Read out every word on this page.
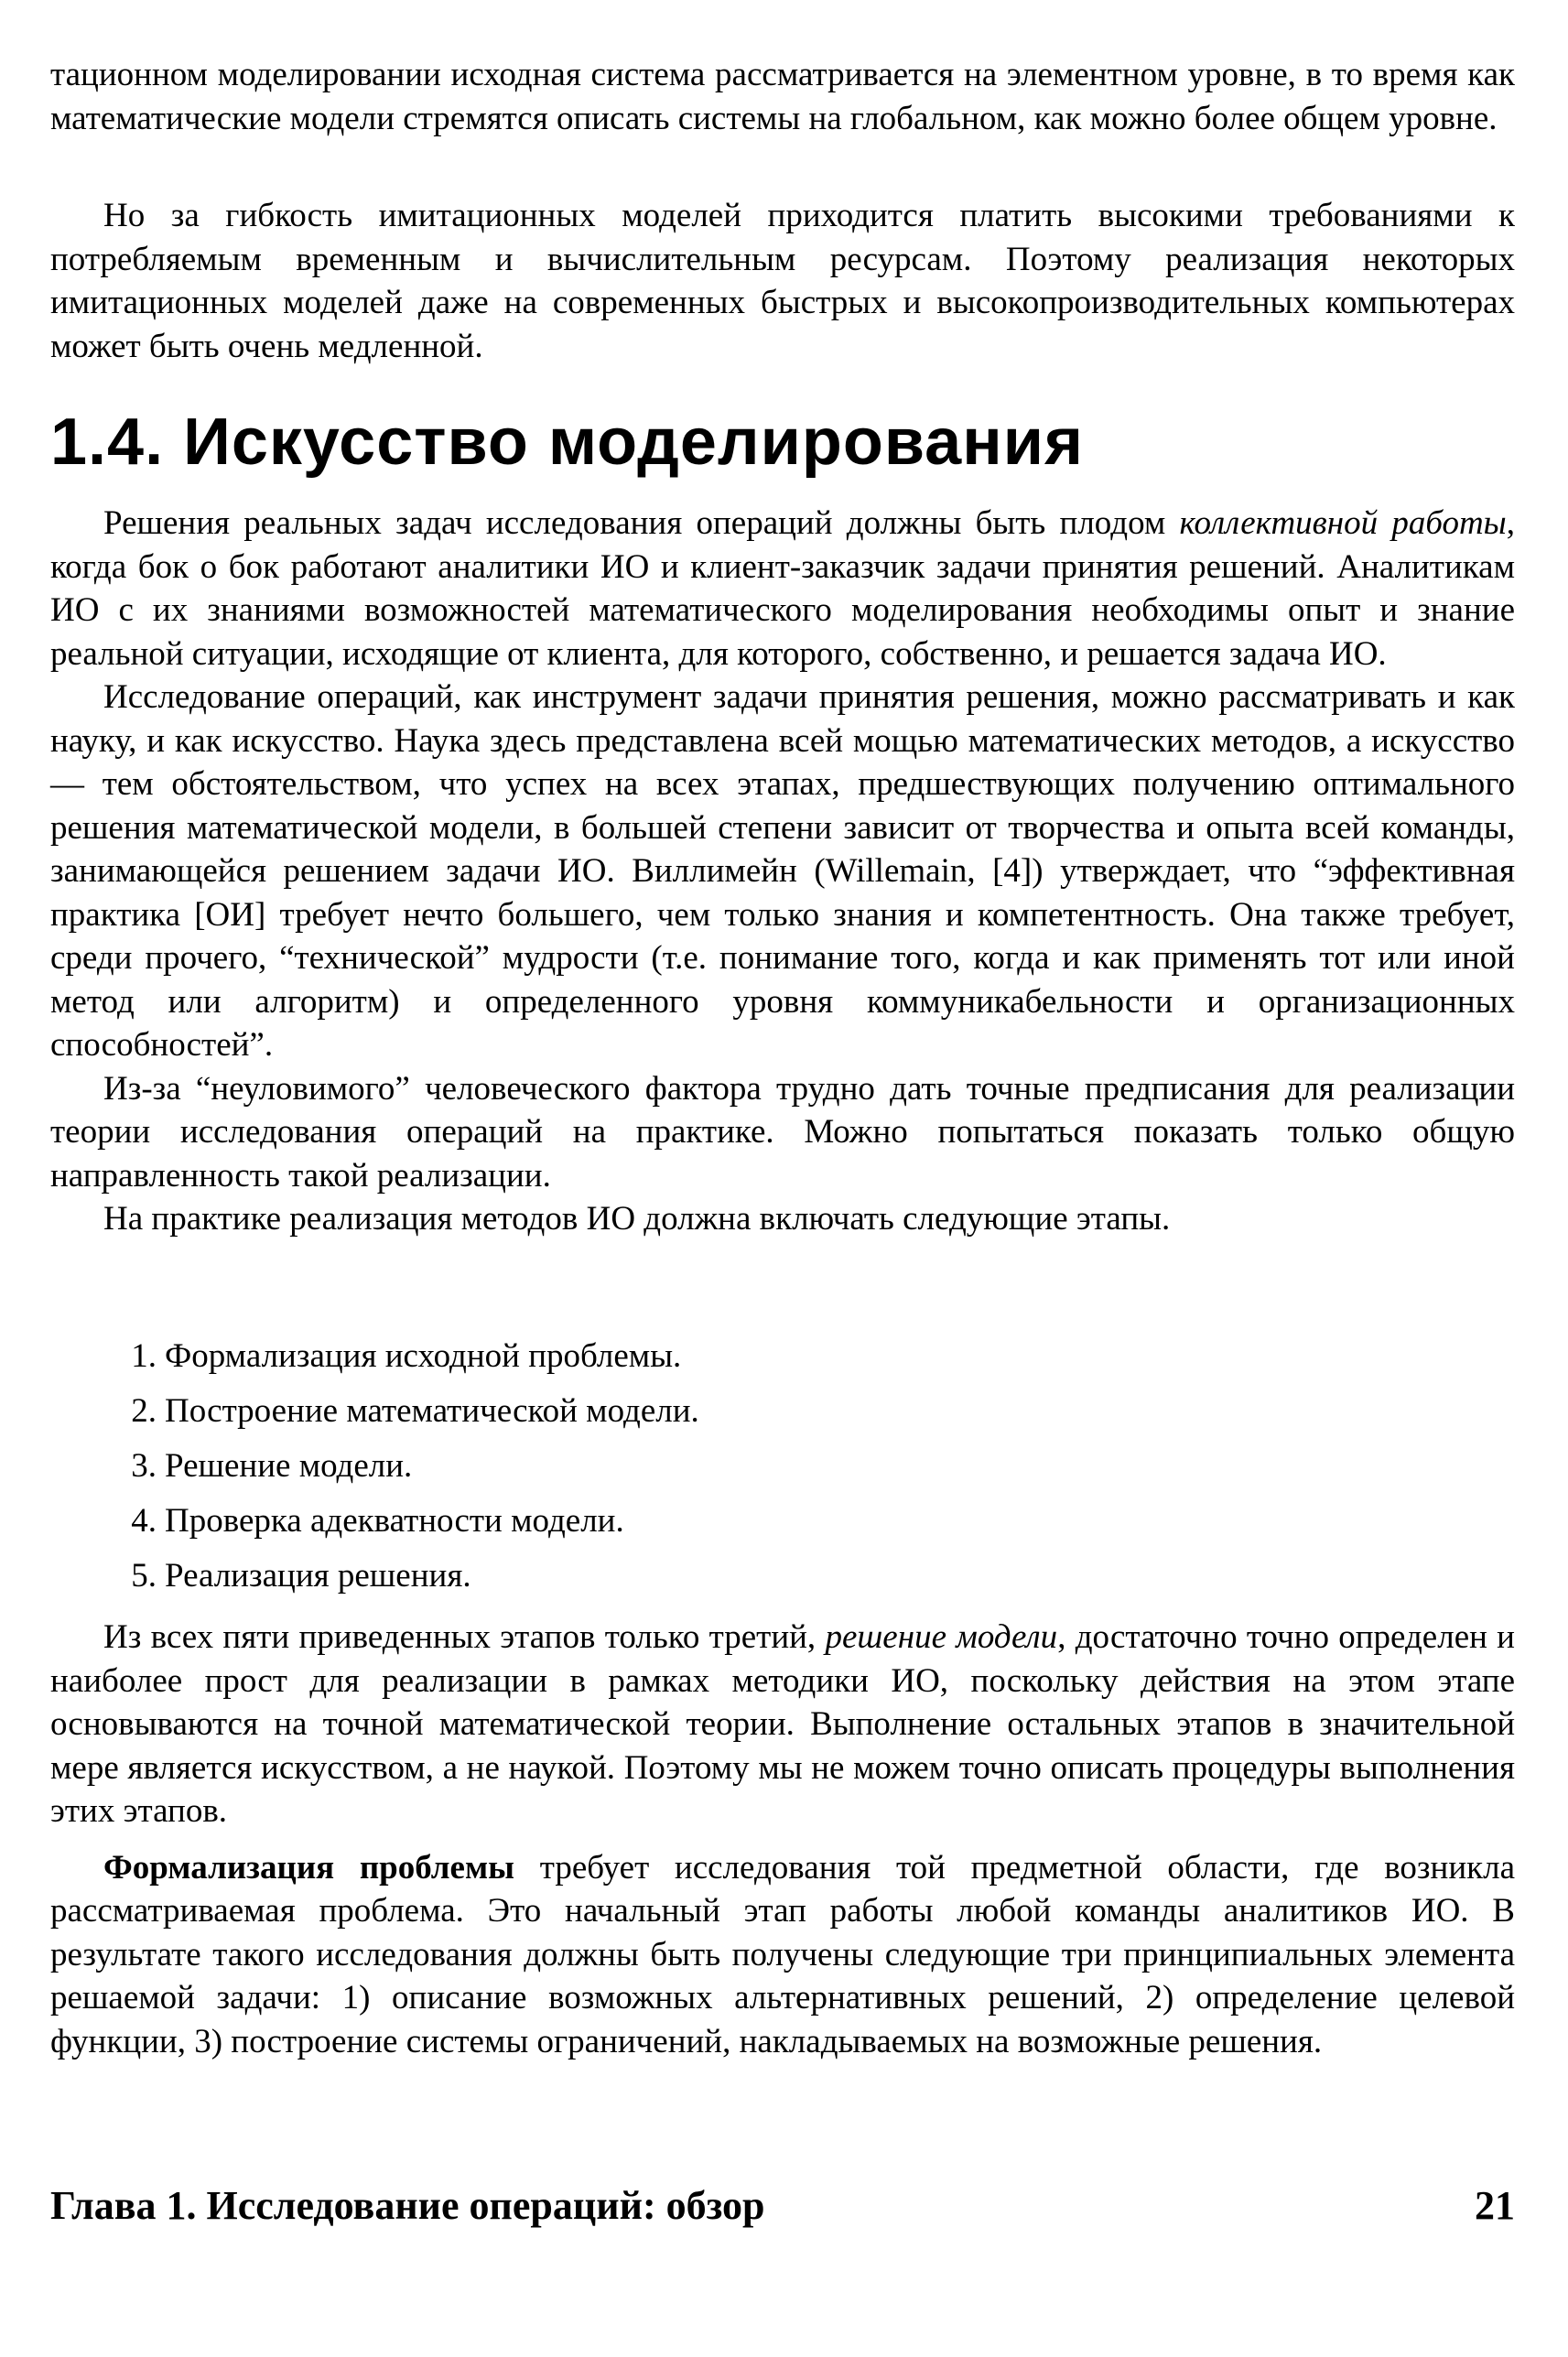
тационном моделировании исходная система рассматривается на элементном уровне, в то время как математические модели стремятся описать системы на глобальном, как можно более общем уровне.

Но за гибкость имитационных моделей приходится платить высокими требованиями к потребляемым временным и вычислительным ресурсам. Поэтому реализация некоторых имитационных моделей даже на современных быстрых и высокопроизводительных компьютерах может быть очень медленной.

1.4. Искусство моделирования

Решения реальных задач исследования операций должны быть плодом коллективной работы, когда бок о бок работают аналитики ИО и клиент-заказчик задачи принятия решений. Аналитикам ИО с их знаниями возможностей математического моделирования необходимы опыт и знание реальной ситуации, исходящие от клиента, для которого, собственно, и решается задача ИО.

Исследование операций, как инструмент задачи принятия решения, можно рассматривать и как науку, и как искусство. Наука здесь представлена всей мощью математических методов, а искусство — тем обстоятельством, что успех на всех этапах, предшествующих получению оптимального решения математической модели, в большей степени зависит от творчества и опыта всей команды, занимающейся решением задачи ИО. Виллимейн (Willemain, [4]) утверждает, что “эффективная практика [ОИ] требует нечто большего, чем только знания и компетентность. Она также требует, среди прочего, “технической” мудрости (т.е. понимание того, когда и как применять тот или иной метод или алгоритм) и определенного уровня коммуникабельности и организационных способностей”.

Из-за “неуловимого” человеческого фактора трудно дать точные предписания для реализации теории исследования операций на практике. Можно попытаться показать только общую направленность такой реализации.

На практике реализация методов ИО должна включать следующие этапы.

1. Формализация исходной проблемы.
2. Построение математической модели.
3. Решение модели.
4. Проверка адекватности модели.
5. Реализация решения.

Из всех пяти приведенных этапов только третий, решение модели, достаточно точно определен и наиболее прост для реализации в рамках методики ИО, поскольку действия на этом этапе основываются на точной математической теории. Выполнение остальных этапов в значительной мере является искусством, а не наукой. Поэтому мы не можем точно описать процедуры выполнения этих этапов.

Формализация проблемы требует исследования той предметной области, где возникла рассматриваемая проблема. Это начальный этап работы любой команды аналитиков ИО. В результате такого исследования должны быть получены следующие три принципиальных элемента решаемой задачи: 1) описание возможных альтернативных решений, 2) определение целевой функции, 3) построение системы ограничений, накладываемых на возможные решения.

Глава 1. Исследование операций: обзор	21
